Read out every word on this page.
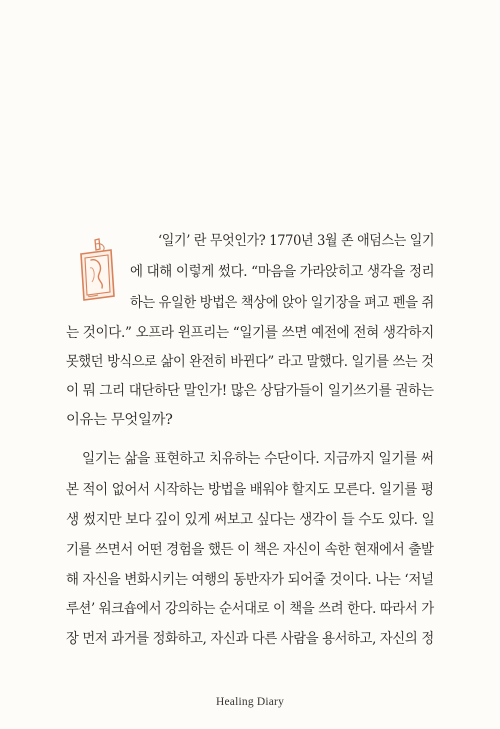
‘일기’ 란 무엇인가? 1770년 3월 존 애덤스는 일기
에 대해 이렇게 썼다. “마음을 가라앉히고 생각을 정리
하는 유일한 방법은 책상에 앉아 일기장을 펴고 펜을 쥐
는 것이다.” 오프라 윈프리는 “일기를 쓰면 예전에 전혀 생각하지
못했던 방식으로 삶이 완전히 바뀐다” 라고 말했다. 일기를 쓰는 것
이 뭐 그리 대단하단 말인가! 많은 상담가들이 일기쓰기를 권하는
이유는 무엇일까?
일기는 삶을 표현하고 치유하는 수단이다. 지금까지 일기를 써
본 적이 없어서 시작하는 방법을 배워야 할지도 모른다. 일기를 평
생 썼지만 보다 깊이 있게 써보고 싶다는 생각이 들 수도 있다. 일
기를 쓰면서 어떤 경험을 했든 이 책은 자신이 속한 현재에서 출발
해 자신을 변화시키는 여행의 동반자가 되어줄 것이다. 나는 ‘저널
루션’ 워크숍에서 강의하는 순서대로 이 책을 쓰려 한다. 따라서 가
장 먼저 과거를 정화하고, 자신과 다른 사람을 용서하고, 자신의 정
Healing Diary
